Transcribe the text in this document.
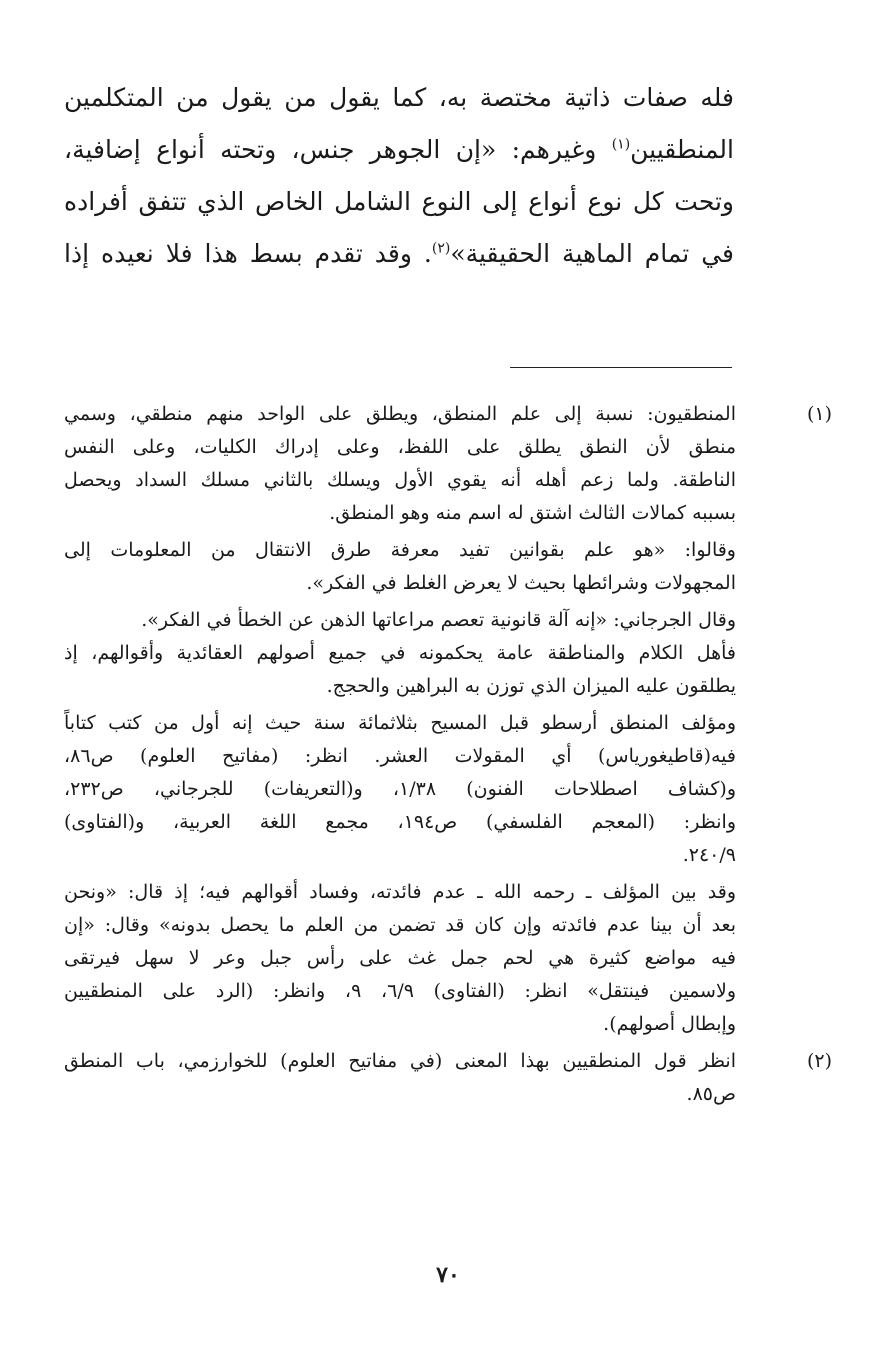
فله صفات ذاتية مختصة به، كما يقول من يقول من المتكلمين
المنطقيين$^{(١)}$ وغيرهم: «إن الجوهر جنس، وتحته أنواع إضافية،
وتحت كل نوع أنواع إلى النوع الشامل الخاص الذي تتفق أفراده
في تمام الماهية الحقيقية»$^{(٢)}$. وقد تقدم بسط هذا فلا نعيده إذا
(١)
المنطقيون: نسبة إلى علم المنطق، ويطلق على الواحد منهم منطقي، وسمي
منطق لأن النطق يطلق على اللفظ، وعلى إدراك الكليات، وعلى النفس
الناطقة. ولما زعم أهله أنه يقوي الأول ويسلك بالثاني مسلك السداد ويحصل
بسببه كمالات الثالث اشتق له اسم منه وهو المنطق.
وقالوا: «هو علم بقوانين تفيد معرفة طرق الانتقال من المعلومات إلى
المجهولات وشرائطها بحيث لا يعرض الغلط في الفكر».
وقال الجرجاني: «إنه آلة قانونية تعصم مراعاتها الذهن عن الخطأ في الفكر».
فأهل الكلام والمناطقة عامة يحكمونه في جميع أصولهم العقائدية وأقوالهم، إذ
يطلقون عليه الميزان الذي توزن به البراهين والحجج.
ومؤلف المنطق أرسطو قبل المسيح بثلاثمائة سنة حيث إنه أول من كتب كتاباً
فيه(قاطيغورياس) أي المقولات العشر. انظر: (مفاتيح العلوم) ص٨٦،
و(كشاف اصطلاحات الفنون) ١/٣٨، و(التعريفات) للجرجاني، ص٢٣٢،
وانظر: (المعجم الفلسفي) ص١٩٤، مجمع اللغة العربية، و(الفتاوى)
٢٤٠/٩.
وقد بين المؤلف ـ رحمه الله ـ عدم فائدته، وفساد أقوالهم فيه؛ إذ قال: «ونحن
بعد أن بينا عدم فائدته وإن كان قد تضمن من العلم ما يحصل بدونه» وقال: «إن
فيه مواضع كثيرة هي لحم جمل غث على رأس جبل وعر لا سهل فيرتقى
ولاسمين فينتقل» انظر: (الفتاوى) ٦/٩، ٩، وانظر: (الرد على المنطقيين
وإبطال أصولهم).
(٢)
انظر قول المنطقيين بهذا المعنى (في مفاتيح العلوم) للخوارزمي، باب المنطق
ص٨٥.
٧٠
